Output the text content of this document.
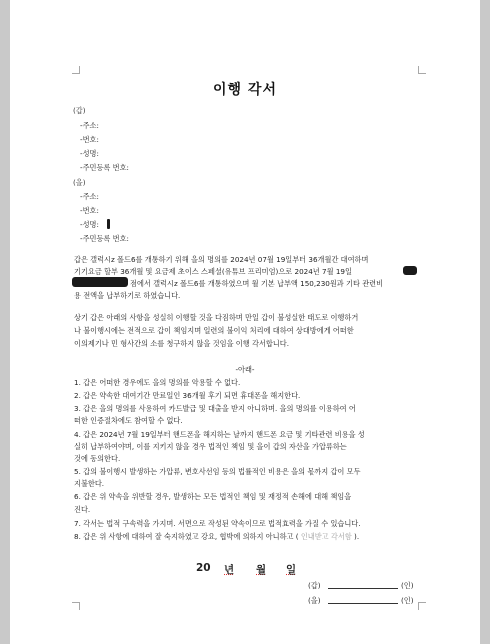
이행 각서
(갑)
-주소:
-번호:
-성명:
-주민등록 번호:
(을)
-주소:
-번호:
-성명:
-주민등록 번호:
갑은 갤럭시z 폴드6를 개통하기 위해 을의 명의를 2024년 07월 19일부터 36개월간 대여하며
기기요금 할부 36개월 및 요금제 초이스 스페셜(유튜브 프리미엄)으로 2024년 7월 19일
점에서 갤럭시z 폴드6를 개통하였으며 월 기본 납부액 150,230원과 기타 관련비
용 전액을 납부하기로 하였습니다.
상기 갑은 아래의 사항을 성실히 이행할 것을 다짐하며 만일 갑이 불성실한 태도로 이행하거
나 불이행시에는 전적으로 갑이 책임지며 일련의 불이익 처리에 대하여 상대방에게 어떠한
이의제기나 민 형사간의 소를 청구하지 않을 것임을 이행 각서합니다.
-아래-
1. 갑은 어떠한 경우에도 을의 명의를 악용할 수 없다.
2. 갑은 약속한 대여기간 만료일인 36개월 후기 되면 휴대폰을 해지한다.
3. 갑은 을의 명의를 사용하여 카드발급 및 대출을 받지 아니하며. 을의 명의를 이용하여 어
떠한 인증절차에도 참여할 수 없다.
4. 갑은 2024년 7월 19일부터 핸드폰을 해지하는 날까지 핸드폰 요금 및 기타관련 비용을 성
실히 납부하여야며, 이를 지키지 않을 경우 법적인 책임 및 을이 갑의 자산을 가압류하는
것에 동의한다.
5. 갑의 불이행시 발생하는 가압류, 변호사선임 등의 법률적인 비용은 을의 몫까지 갑이 모두
지불한다.
6. 갑은 위 약속을 위반할 경우, 발생하는 모든 법적인 책임 및 재정적 손해에 대해 책임을
진다.
7. 각서는 법적 구속력을 가지며. 서면으로 작성된 약속이므로 법적효력을 가질 수 있습니다.
8. 갑은 위 사항에 대하여 잘 숙지하였고 강요, 협박에 의하지 아니하고 ( 인내받고 각서함 ).
20 년 월 일
(갑)	(인)
(을)	(인)
